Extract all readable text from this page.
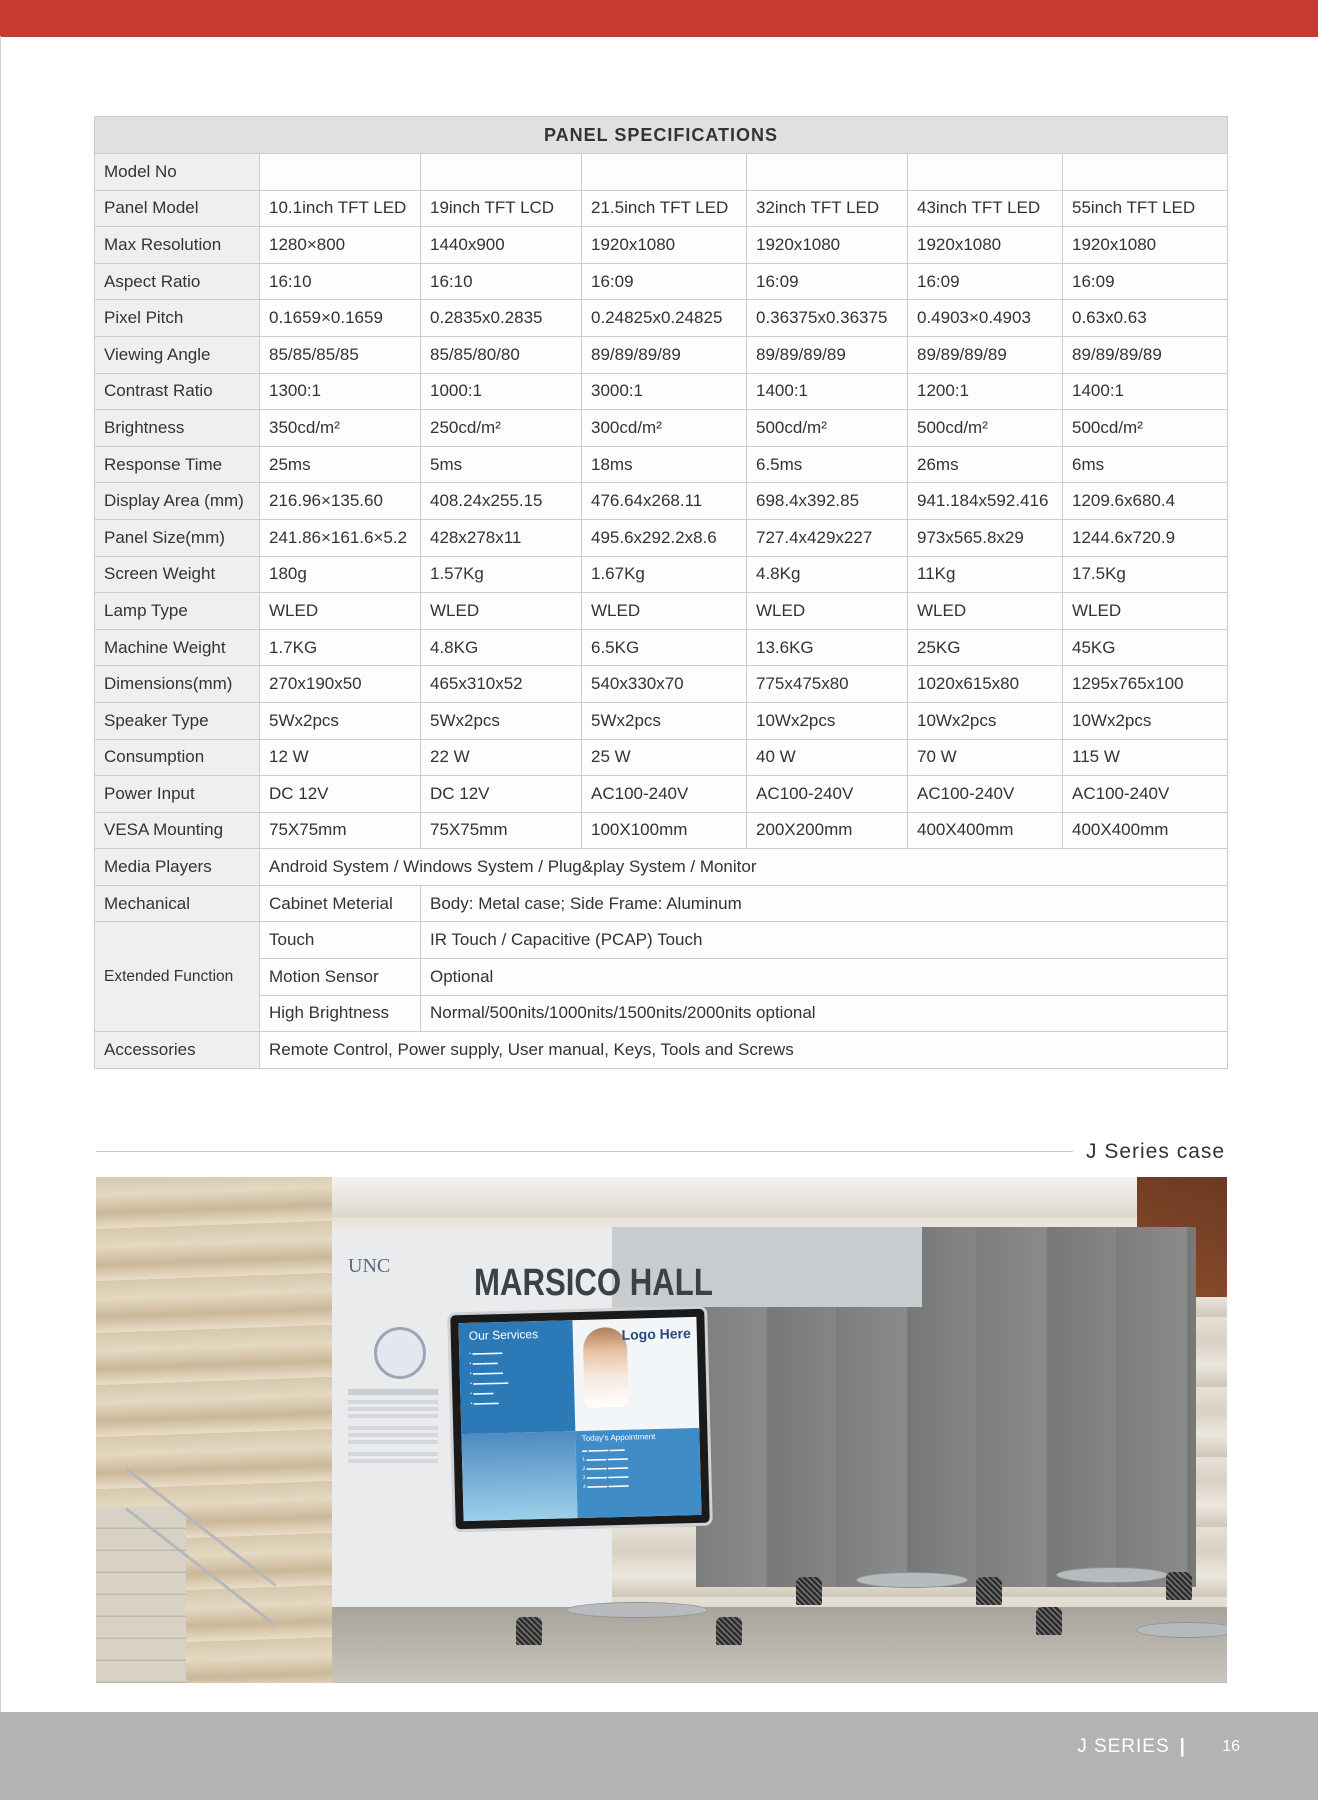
PANEL SPECIFICATIONS						
Model No						
Panel Model	10.1inch TFT LED	19inch TFT LCD	21.5inch TFT LED	32inch TFT LED	43inch TFT LED	55inch TFT LED
Max Resolution	1280×800	1440x900	1920x1080	1920x1080	1920x1080	1920x1080
Aspect Ratio	16:10	16:10	16:09	16:09	16:09	16:09
Pixel Pitch	0.1659×0.1659	0.2835x0.2835	0.24825x0.24825	0.36375x0.36375	0.4903×0.4903	0.63x0.63
Viewing Angle	85/85/85/85	85/85/80/80	89/89/89/89	89/89/89/89	89/89/89/89	89/89/89/89
Contrast Ratio	1300:1	1000:1	3000:1	1400:1	1200:1	1400:1
Brightness	350cd/m²	250cd/m²	300cd/m²	500cd/m²	500cd/m²	500cd/m²
Response Time	25ms	5ms	18ms	6.5ms	26ms	6ms
Display Area (mm)	216.96×135.60	408.24x255.15	476.64x268.11	698.4x392.85	941.184x592.416	1209.6x680.4
Panel Size(mm)	241.86×161.6×5.2	428x278x11	495.6x292.2x8.6	727.4x429x227	973x565.8x29	1244.6x720.9
Screen Weight	180g	1.57Kg	1.67Kg	4.8Kg	11Kg	17.5Kg
Lamp Type	WLED	WLED	WLED	WLED	WLED	WLED
Machine Weight	1.7KG	4.8KG	6.5KG	13.6KG	25KG	45KG
Dimensions(mm)	270x190x50	465x310x52	540x330x70	775x475x80	1020x615x80	1295x765x100
Speaker Type	5Wx2pcs	5Wx2pcs	5Wx2pcs	10Wx2pcs	10Wx2pcs	10Wx2pcs
Consumption	12 W	22 W	25 W	40 W	70 W	115 W
Power Input	DC 12V	DC 12V	AC100-240V	AC100-240V	AC100-240V	AC100-240V
VESA Mounting	75X75mm	75X75mm	100X100mm	200X200mm	400X400mm	400X400mm
Media Players	Android System / Windows System / Plug&play System / Monitor					
Mechanical	Cabinet Meterial	Body: Metal case; Side Frame: Aluminum				
Extended Function	Touch	IR Touch / Capacitive (PCAP) Touch				
	Motion Sensor	Optional				
	High Brightness	Normal/500nits/1000nits/1500nits/2000nits optional				
Accessories	Remote Control, Power supply, User manual, Keys, Tools and Screws					
J Series case
UNC MARSICO HALL
Our Services
▪ ▬▬▬▬▬▬
▪ ▬▬▬▬▬
▪ ▬▬▬▬▬▬
▪ ▬▬▬▬▬▬▬
▪ ▬▬▬▬
▪ ▬▬▬▬▬
Logo Here
Today's Appointment
▬ ▬▬▬▬ ▬▬▬
1 ▬▬▬▬ ▬▬▬▬
2 ▬▬▬▬ ▬▬▬▬
3 ▬▬▬▬ ▬▬▬▬
4 ▬▬▬▬ ▬▬▬▬
J SERIES |	16
